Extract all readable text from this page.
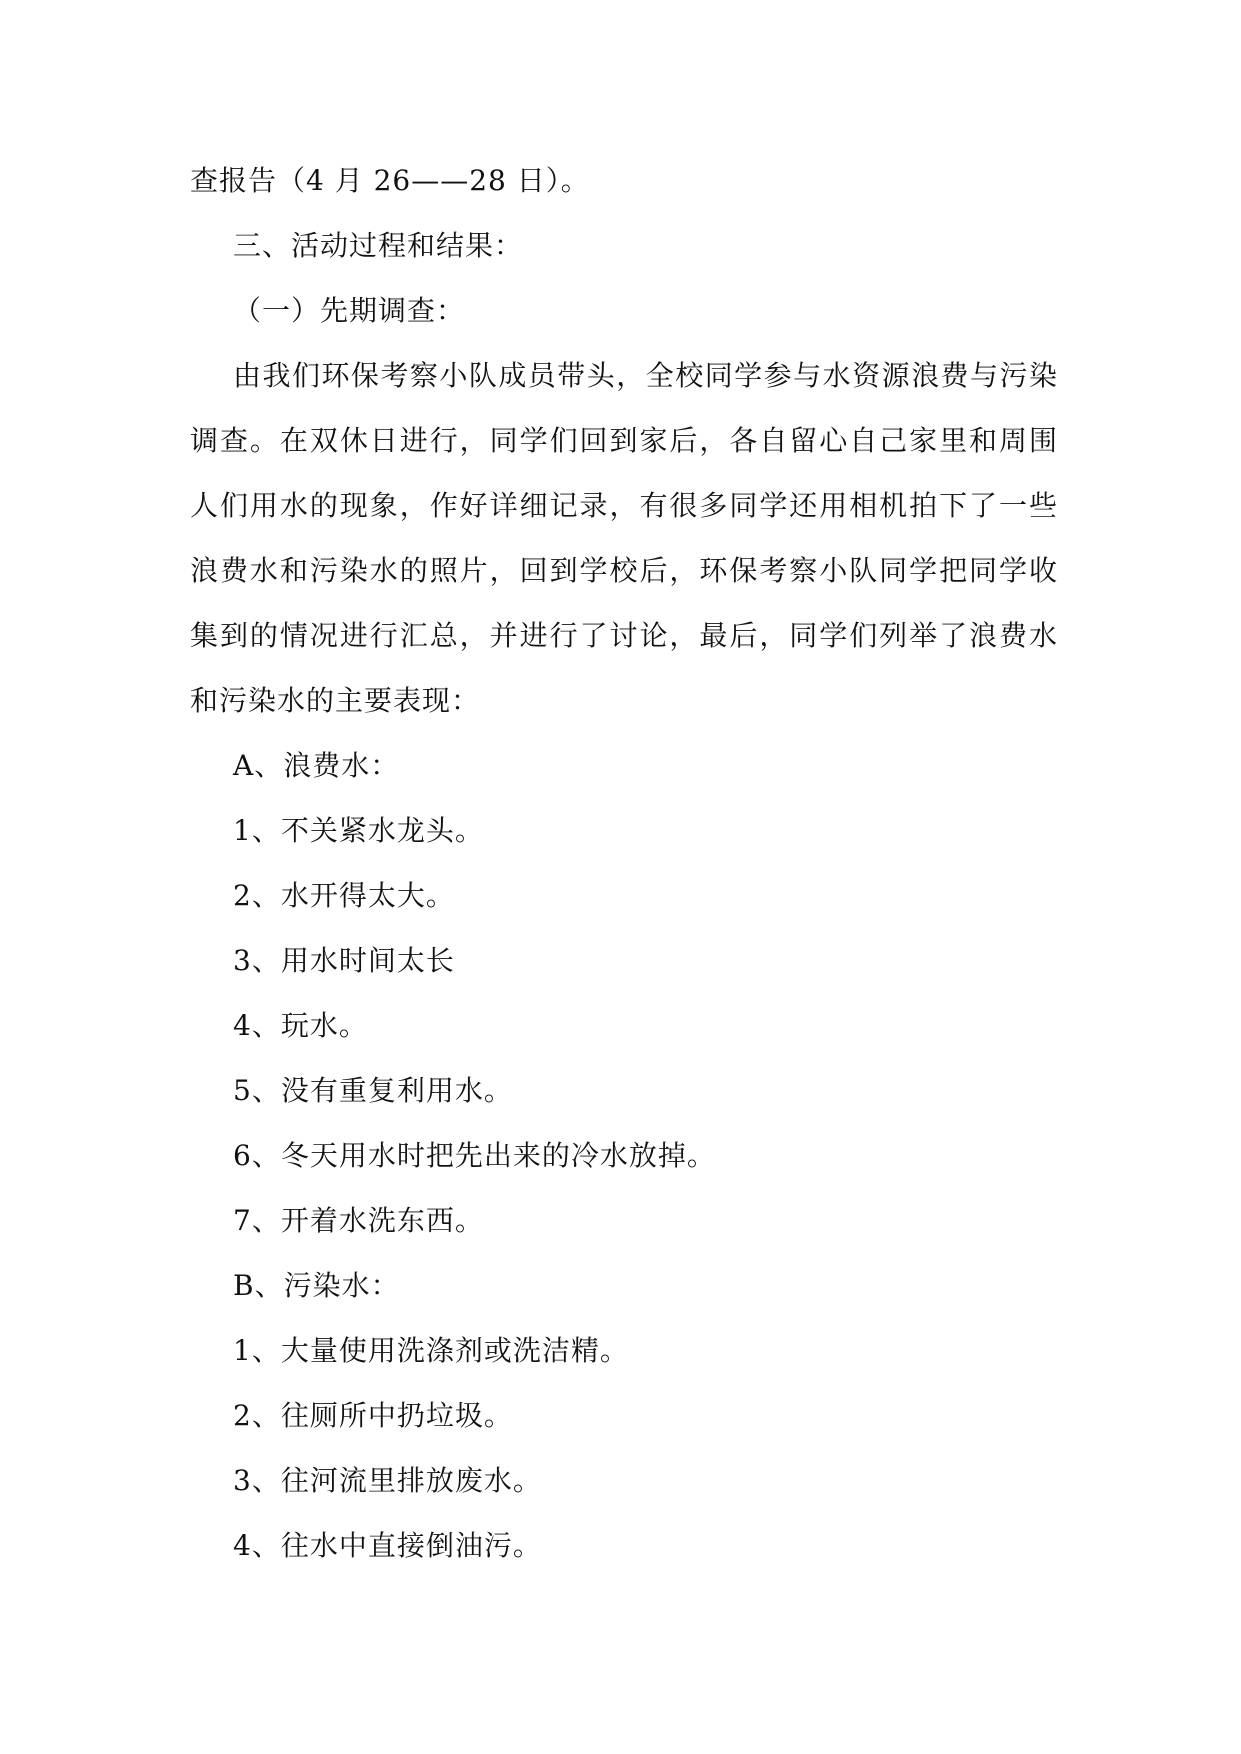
查报告（4 月 26——28 日）。

三、活动过程和结果：

（一）先期调查：

由我们环保考察小队成员带头，全校同学参与水资源浪费与污染调查。在双休日进行，同学们回到家后，各自留心自己家里和周围人们用水的现象，作好详细记录，有很多同学还用相机拍下了一些浪费水和污染水的照片，回到学校后，环保考察小队同学把同学收集到的情况进行汇总，并进行了讨论，最后，同学们列举了浪费水和污染水的主要表现：

A、浪费水：

1、不关紧水龙头。

2、水开得太大。

3、用水时间太长

4、玩水。

5、没有重复利用水。

6、冬天用水时把先出来的冷水放掉。

7、开着水洗东西。

B、污染水：

1、大量使用洗涤剂或洗洁精。

2、往厕所中扔垃圾。

3、往河流里排放废水。

4、往水中直接倒油污。
